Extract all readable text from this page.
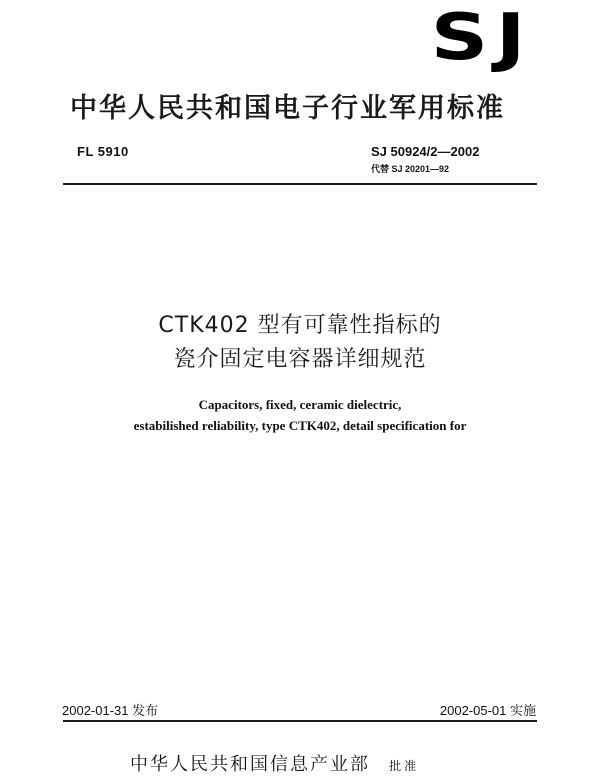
SJ
中华人民共和国电子行业军用标准
FL 5910	SJ 50924/2—2002
代替 SJ 20201—92
CTK402 型有可靠性指标的
瓷介固定电容器详细规范
Capacitors, fixed, ceramic dielectric,
estabilished reliability, type CTK402, detail specification for
2002-01-31 发布	2002-05-01 实施
中华人民共和国信息产业部 批准
